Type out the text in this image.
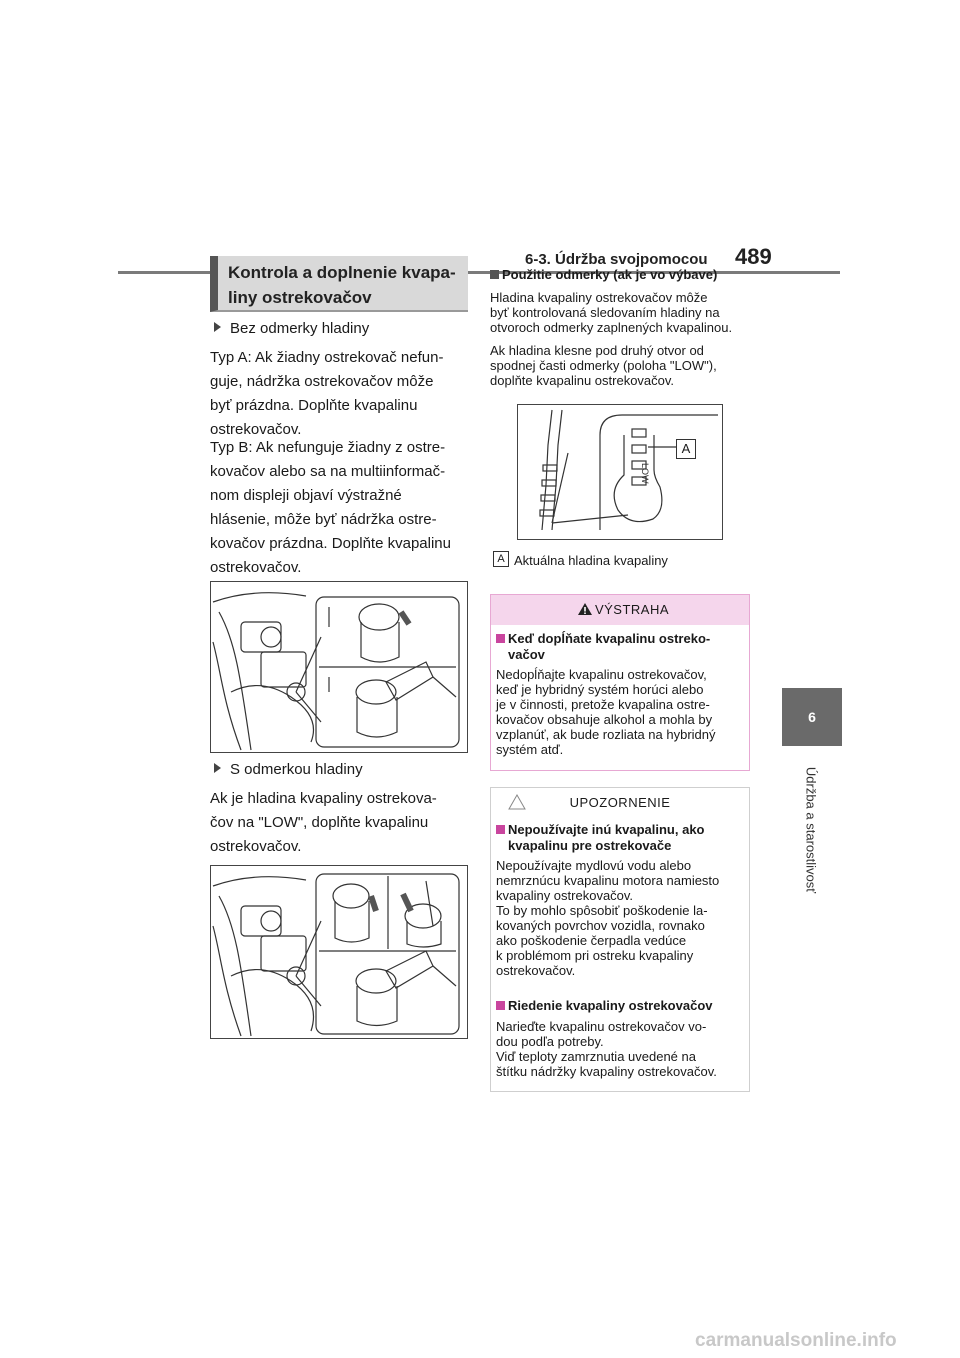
6-3. Údržba svojpomocou 489
6
Údržba a starostlivosť
Kontrola a doplnenie kvapa-
liny ostrekovačov
Bez odmerky hladiny
Typ A: Ak žiadny ostrekovač nefun-
guje, nádržka ostrekovačov môže
byť prázdna. Doplňte kvapalinu
ostrekovačov.
Typ B: Ak nefunguje žiadny z ostre-
kovačov alebo sa na multiinformač-
nom displeji objaví výstražné
hlásenie, môže byť nádržka ostre-
kovačov prázdna. Doplňte kvapalinu
ostrekovačov.
S odmerkou hladiny
Ak je hladina kvapaliny ostrekova-
čov na "LOW", doplňte kvapalinu
ostrekovačov.
Použitie odmerky (ak je vo výbave)
Hladina kvapaliny ostrekovačov môže
byť kontrolovaná sledovaním hladiny na
otvoroch odmerky zaplnených kvapalinou.
Ak hladina klesne pod druhý otvor od
spodnej časti odmerky (poloha "LOW"),
doplňte kvapalinu ostrekovačov.
LOW
A
A Aktuálna hladina kvapaliny
VÝSTRAHA
Keď dopĺňate kvapalinu ostreko-
vačov
Nedopĺňajte kvapalinu ostrekovačov,
keď je hybridný systém horúci alebo
je v činnosti, pretože kvapalina ostre-
kovačov obsahuje alkohol a mohla by
vzplanúť, ak bude rozliata na hybridný
systém atď.
UPOZORNENIE
Nepoužívajte inú kvapalinu, ako
kvapalinu pre ostrekovače
Nepoužívajte mydlovú vodu alebo
nemrznúcu kvapalinu motora namiesto
kvapaliny ostrekovačov.
To by mohlo spôsobiť poškodenie la-
kovaných povrchov vozidla, rovnako
ako poškodenie čerpadla vedúce
k problémom pri ostreku kvapaliny
ostrekovačov.
Riedenie kvapaliny ostrekovačov
Narieďte kvapalinu ostrekovačov vo-
dou podľa potreby.
Viď teploty zamrznutia uvedené na
štítku nádržky kvapaliny ostrekovačov.
carmanualsonline.info
